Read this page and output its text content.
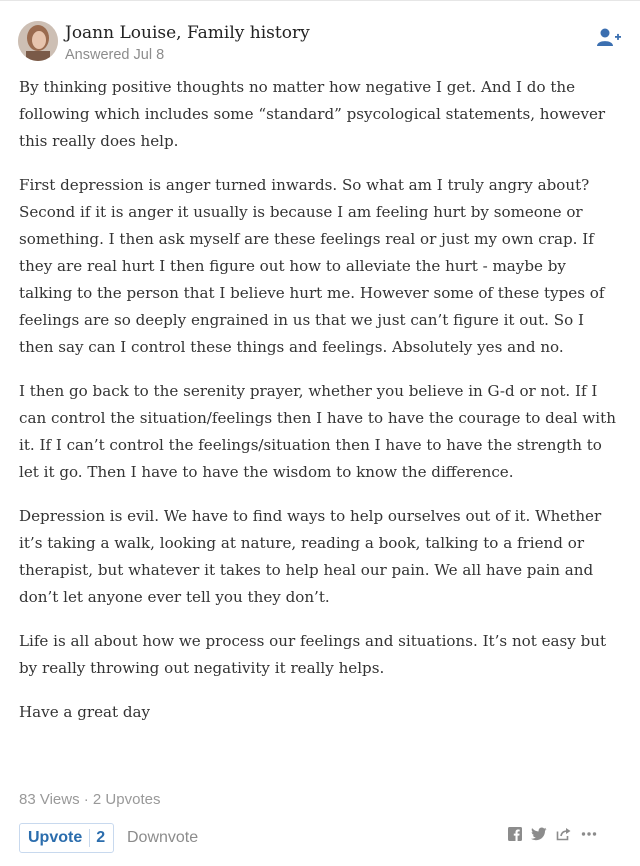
Joann Louise, Family history
Answered Jul 8

By thinking positive thoughts no matter how negative I get. And I do the following which includes some “standard” psycological statements, however this really does help.

First depression is anger turned inwards. So what am I truly angry about? Second if it is anger it usually is because I am feeling hurt by someone or something. I then ask myself are these feelings real or just my own crap. If they are real hurt I then figure out how to alleviate the hurt - maybe by talking to the person that I believe hurt me. However some of these types of feelings are so deeply engrained in us that we just can’t figure it out. So I then say can I control these things and feelings. Absolutely yes and no.

I then go back to the serenity prayer, whether you believe in G-d or not. If I can control the situation/feelings then I have to have the courage to deal with it. If I can’t control the feelings/situation then I have to have the strength to let it go. Then I have to have the wisdom to know the difference.

Depression is evil. We have to find ways to help ourselves out of it. Whether it’s taking a walk, looking at nature, reading a book, talking to a friend or therapist, but whatever it takes to help heal our pain. We all have pain and don’t let anyone ever tell you they don’t.

Life is all about how we process our feelings and situations. It’s not easy but by really throwing out negativity it really helps.

Have a great day

83 Views · 2 Upvotes
Upvote 2 Downvote
